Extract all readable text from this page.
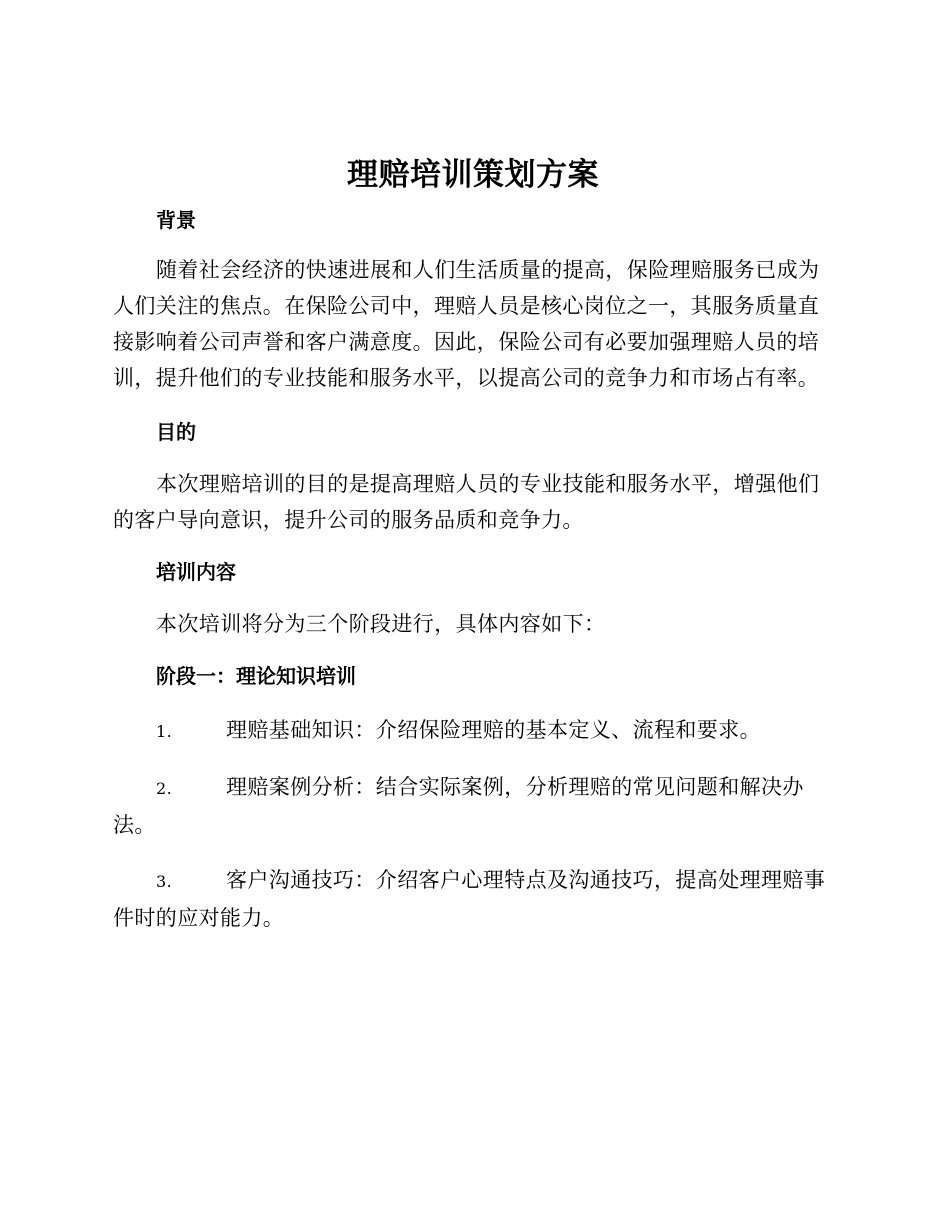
理赔培训策划方案
背景

随着社会经济的快速进展和人们生活质量的提高，保险理赔服务已成为人们关注的焦点。在保险公司中，理赔人员是核心岗位之一，其服务质量直接影响着公司声誉和客户满意度。因此，保险公司有必要加强理赔人员的培训，提升他们的专业技能和服务水平，以提高公司的竞争力和市场占有率。

目的

本次理赔培训的目的是提高理赔人员的专业技能和服务水平，增强他们的客户导向意识，提升公司的服务品质和竞争力。

培训内容

本次培训将分为三个阶段进行，具体内容如下：

阶段一：理论知识培训

1.	理赔基础知识：介绍保险理赔的基本定义、流程和要求。

2.	理赔案例分析：结合实际案例，分析理赔的常见问题和解决办法。

3.	客户沟通技巧：介绍客户心理特点及沟通技巧，提高处理理赔事件时的应对能力。
